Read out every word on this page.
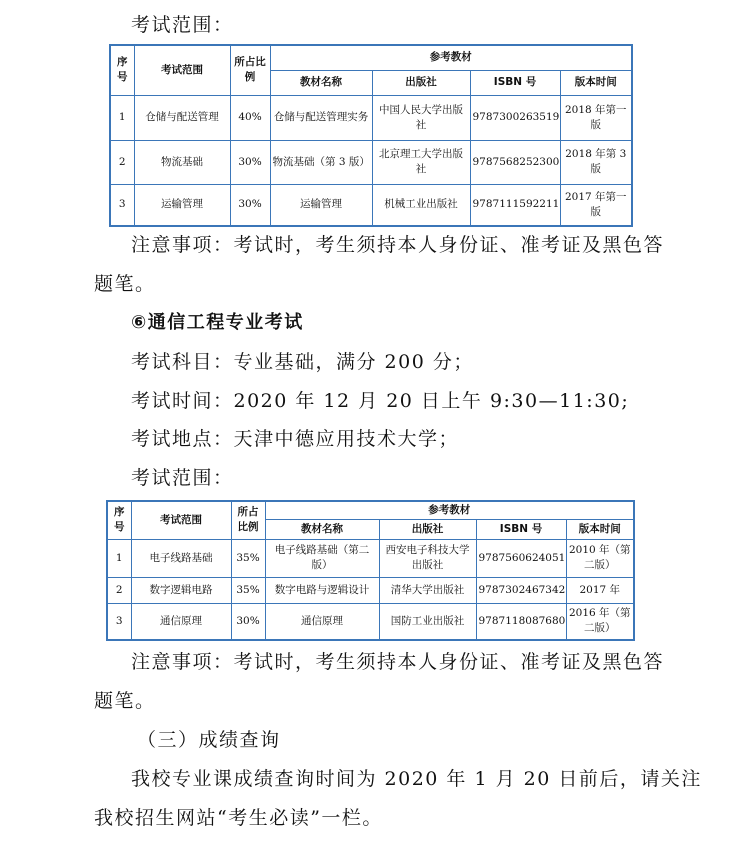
考试范围：
序号	考试范围	所占比例	参考教材			
			教材名称	出版社	ISBN 号	版本时间
1	仓储与配送管理	40%	仓储与配送管理实务	中国人民大学出版社	9787300263519	2018 年第一版
2	物流基础	30%	物流基础（第 3 版）	北京理工大学出版社	9787568252300	2018 年第 3 版
3	运输管理	30%	运输管理	机械工业出版社	9787111592211	2017 年第一版
注意事项：考试时，考生须持本人身份证、准考证及黑色答
题笔。
⑥通信工程专业考试
考试科目：专业基础，满分 200 分；
考试时间：2020 年 12 月 20 日上午 9:30—11:30;
考试地点：天津中德应用技术大学；
考试范围：
序号	考试范围	所占比例	参考教材			
			教材名称	出版社	ISBN 号	版本时间
1	电子线路基础	35%	电子线路基础（第二版）	西安电子科技大学出版社	9787560624051	2010 年（第二版）
2	数字逻辑电路	35%	数字电路与逻辑设计	清华大学出版社	9787302467342	2017 年
3	通信原理	30%	通信原理	国防工业出版社	9787118087680	2016 年（第二版）
注意事项：考试时，考生须持本人身份证、准考证及黑色答
题笔。
（三）成绩查询
我校专业课成绩查询时间为 2020 年 1 月 20 日前后，请关注
我校招生网站“考生必读”一栏。
